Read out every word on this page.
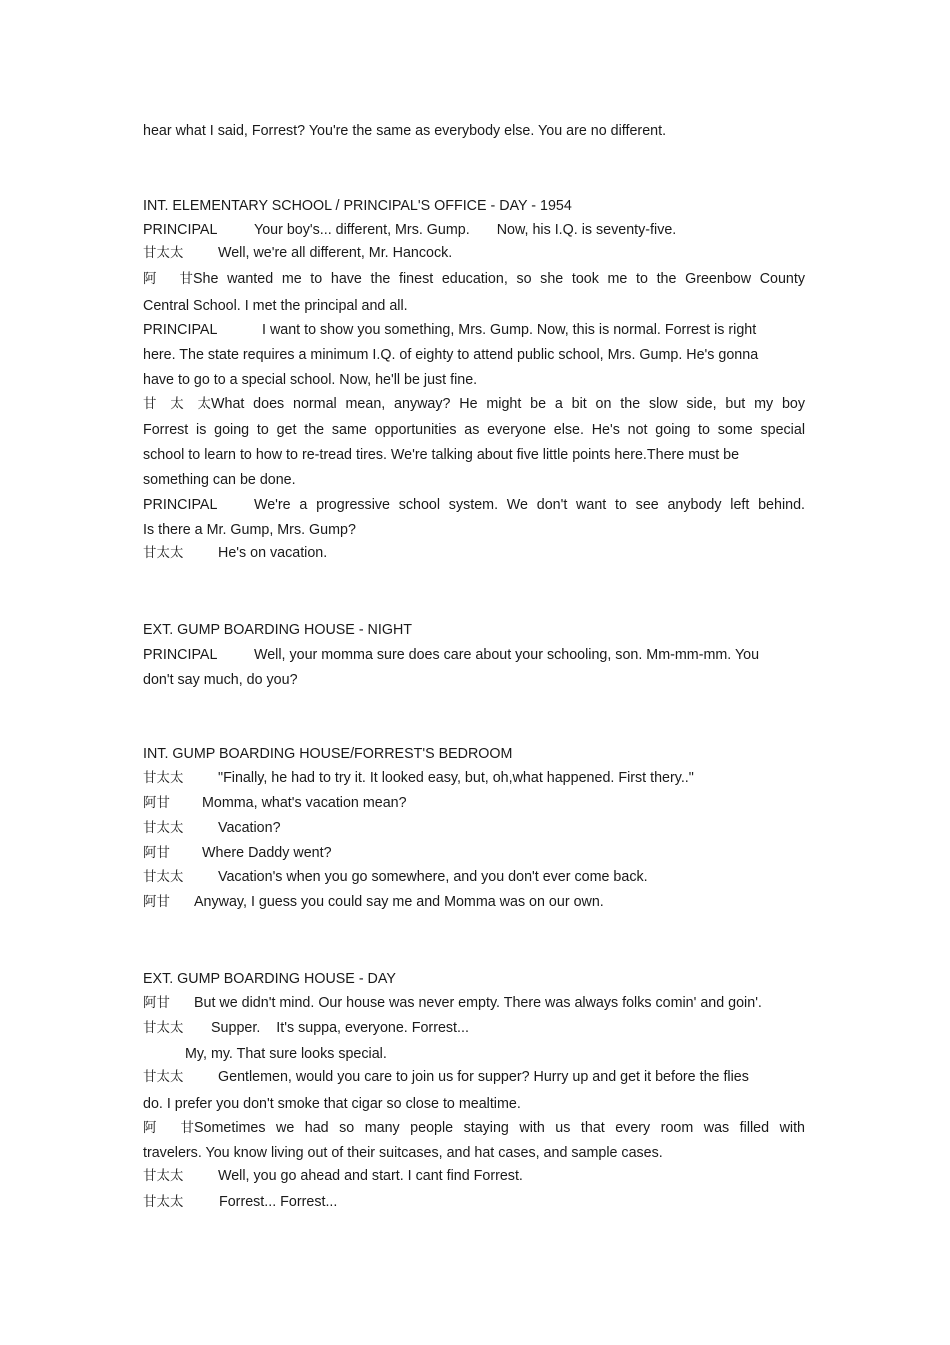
hear what I said, Forrest? You're the same as everybody else. You are no different.
INT. ELEMENTARY SCHOOL / PRINCIPAL'S OFFICE - DAY - 1954
PRINCIPAL	Your boy's... different, Mrs. Gump. Now, his I.Q. is seventy-five.
甘太太 Well, we're all different, Mr. Hancock.
阿甘She wanted me to have the finest education, so she took me to the Greenbow County
Central School. I met the principal and all.
PRINCIPAL	I want to show you something, Mrs. Gump. Now, this is normal. Forrest is right
here. The state requires a minimum I.Q. of eighty to attend public school, Mrs. Gump. He's gonna
have to go to a special school. Now, he'll be just fine.
甘太太What does normal mean, anyway? He might be a bit on the slow side, but my boy
Forrest is going to get the same opportunities as everyone else. He's not going to some special
school to learn to how to re-tread tires. We're talking about five little points here.There must be
something can be done.
PRINCIPAL	We're a progressive school system. We don't want to see anybody left behind.
Is there a Mr. Gump, Mrs. Gump?
甘太太 He's on vacation.
EXT. GUMP BOARDING HOUSE - NIGHT
PRINCIPAL	Well, your momma sure does care about your schooling, son. Mm-mm-mm. You
don't say much, do you?
INT. GUMP BOARDING HOUSE/FORREST'S BEDROOM
甘太太 "Finally, he had to try it. It looked easy, but, oh,what happened. First thery.."
阿甘 Momma, what's vacation mean?
甘太太 Vacation?
阿甘 Where Daddy went?
甘太太 Vacation's when you go somewhere, and you don't ever come back.
阿甘 Anyway, I guess you could say me and Momma was on our own.
EXT. GUMP BOARDING HOUSE - DAY
阿甘 But we didn't mind. Our house was never empty. There was always folks comin' and goin'.
甘太太 Supper. It's suppa, everyone. Forrest...
My, my. That sure looks special.
甘太太 Gentlemen, would you care to join us for supper? Hurry up and get it before the flies
do. I prefer you don't smoke that cigar so close to mealtime.
阿甘Sometimes we had so many people staying with us that every room was filled with
travelers. You know living out of their suitcases, and hat cases, and sample cases.
甘太太 Well, you go ahead and start. I cant find Forrest.
甘太太 Forrest... Forrest...
